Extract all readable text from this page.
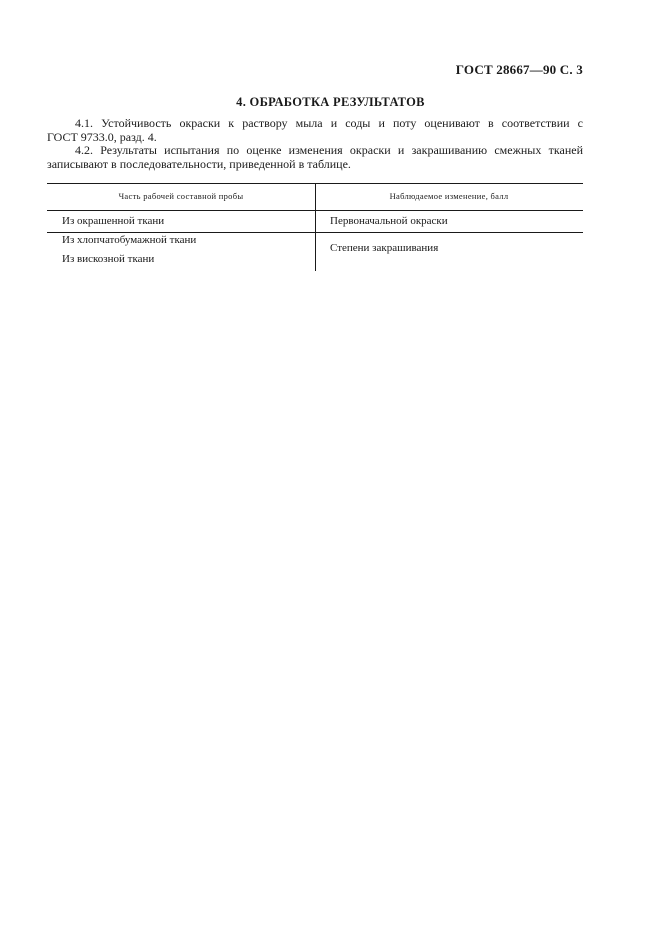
ГОСТ 28667—90 С. 3
4. ОБРАБОТКА РЕЗУЛЬТАТОВ
4.1. Устойчивость окраски к раствору мыла и соды и поту оценивают в соответствии с
ГОСТ 9733.0, разд. 4.
4.2. Результаты испытания по оценке изменения окраски и закрашиванию смежных тканей
записывают в последовательности, приведенной в таблице.
Часть рабочей составной пробы	Наблюдаемое изменение, балл
Из окрашенной ткани	Первоначальной окраски
Из хлопчатобумажной ткани
Из вискозной ткани
Степени закрашивания
